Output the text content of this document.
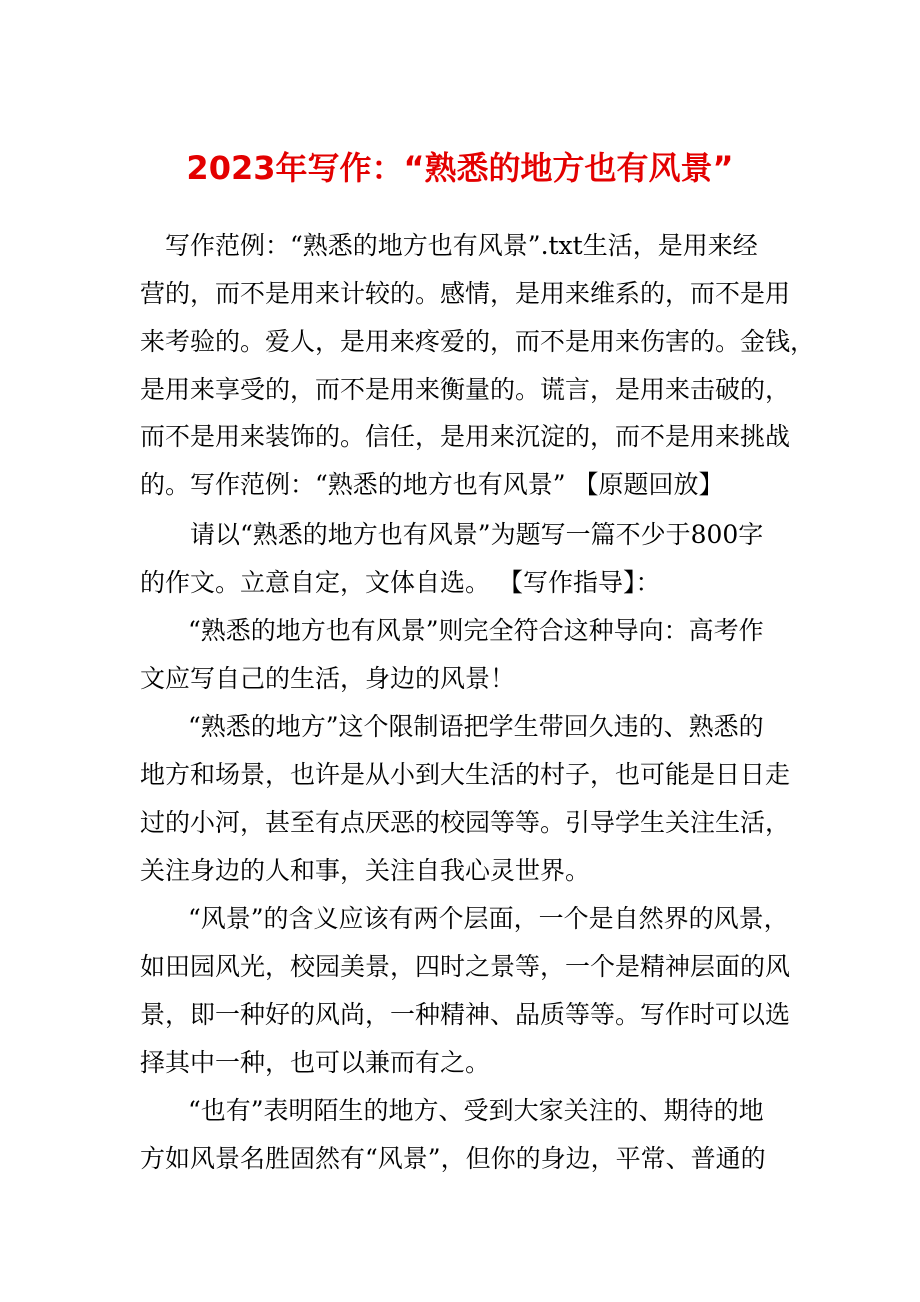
2023年写作：“熟悉的地方也有风景”
写作范例：“熟悉的地方也有风景”.txt生活，是用来经
营的，而不是用来计较的。感情，是用来维系的，而不是用
来考验的。爱人，是用来疼爱的，而不是用来伤害的。金钱，
是用来享受的，而不是用来衡量的。谎言，是用来击破的，
而不是用来装饰的。信任，是用来沉淀的，而不是用来挑战
的。写作范例：“熟悉的地方也有风景” 【原题回放】
请以“熟悉的地方也有风景”为题写一篇不少于800字
的作文。立意自定，文体自选。 【写作指导】：
“熟悉的地方也有风景”则完全符合这种导向：高考作
文应写自己的生活，身边的风景！
“熟悉的地方”这个限制语把学生带回久违的、熟悉的
地方和场景，也许是从小到大生活的村子，也可能是日日走
过的小河，甚至有点厌恶的校园等等。引导学生关注生活，
关注身边的人和事，关注自我心灵世界。
“风景”的含义应该有两个层面，一个是自然界的风景，
如田园风光，校园美景，四时之景等，一个是精神层面的风
景，即一种好的风尚，一种精神、品质等等。写作时可以选
择其中一种，也可以兼而有之。
“也有”表明陌生的地方、受到大家关注的、期待的地
方如风景名胜固然有“风景”，但你的身边，平常、普通的
